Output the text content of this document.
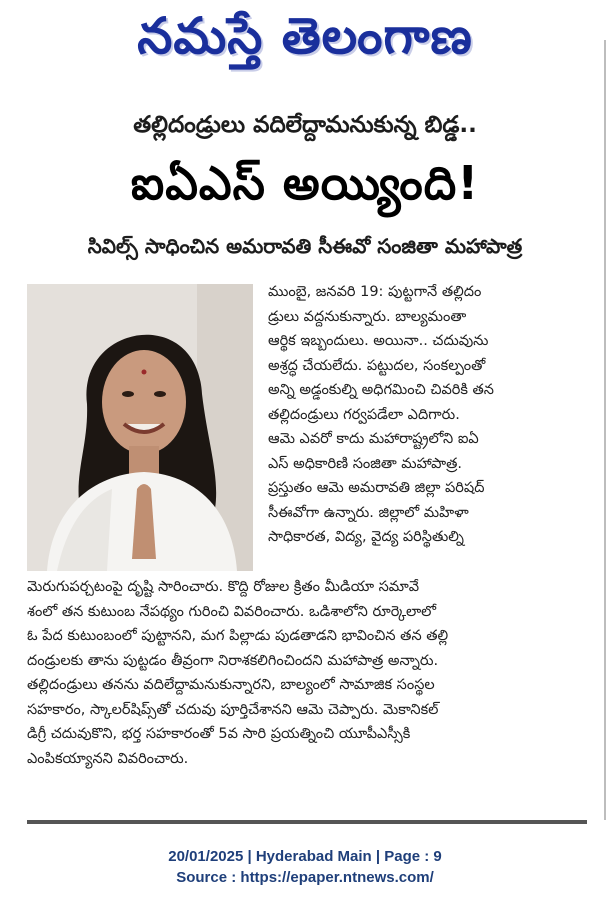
నమస్తే తెలంగాణ
తల్లిదండ్రులు వదిలేద్దామనుకున్న బిడ్డ..
ఐఏఎస్ అయ్యింది!
సివిల్స్ సాధించిన అమరావతి సీఈవో సంజితా మహాపాత్ర

ముంబై, జనవరి 19: పుట్టగానే తల్లిదం

డ్రులు వద్దనుకున్నారు. బాల్యమంతా

ఆర్థిక ఇబ్బందులు. అయినా.. చదువును

అశ్రద్ధ చేయలేదు. పట్టుదల, సంకల్పంతో

అన్ని అడ్డంకుల్ని అధిగమించి చివరికి తన

తల్లిదండ్రులు గర్వపడేలా ఎదిగారు.

ఆమె ఎవరో కాదు మహారాష్ట్రలోని ఐఏ

ఎస్ అధికారిణి సంజితా మహాపాత్ర.

ప్రస్తుతం ఆమె అమరావతి జిల్లా పరిషద్

సీఈవోగా ఉన్నారు. జిల్లాలో మహిళా

సాధికారత, విద్య, వైద్య పరిస్థితుల్ని

మెరుగుపర్చటంపై దృష్టి సారించారు. కొద్ది రోజుల క్రితం మీడియా సమావే

శంలో తన కుటుంబ నేపథ్యం గురించి వివరించారు. ఒడిశాలోని రూర్కెలాలో

ఓ పేద కుటుంబంలో పుట్టానని, మగ పిల్లాడు పుడతాడని భావించిన తన తల్లి

దండ్రులకు తాను పుట్టడం తీవ్రంగా నిరాశకలిగించిందని మహాపాత్ర అన్నారు.

తల్లిదండ్రులు తనను వదిలేద్దామనుకున్నారని, బాల్యంలో సామాజిక సంస్థల

సహకారం, స్కాలర్‌షిప్స్‌తో చదువు పూర్తిచేశానని ఆమె చెప్పారు. మెకానికల్

డిగ్రీ చదువుకొని, భర్త సహకారంతో 5వ సారి ప్రయత్నించి యూపీఎస్సీకి

ఎంపికయ్యానని వివరించారు.

20/01/2025 | Hyderabad Main | Page : 9
Source : https://epaper.ntnews.com/
